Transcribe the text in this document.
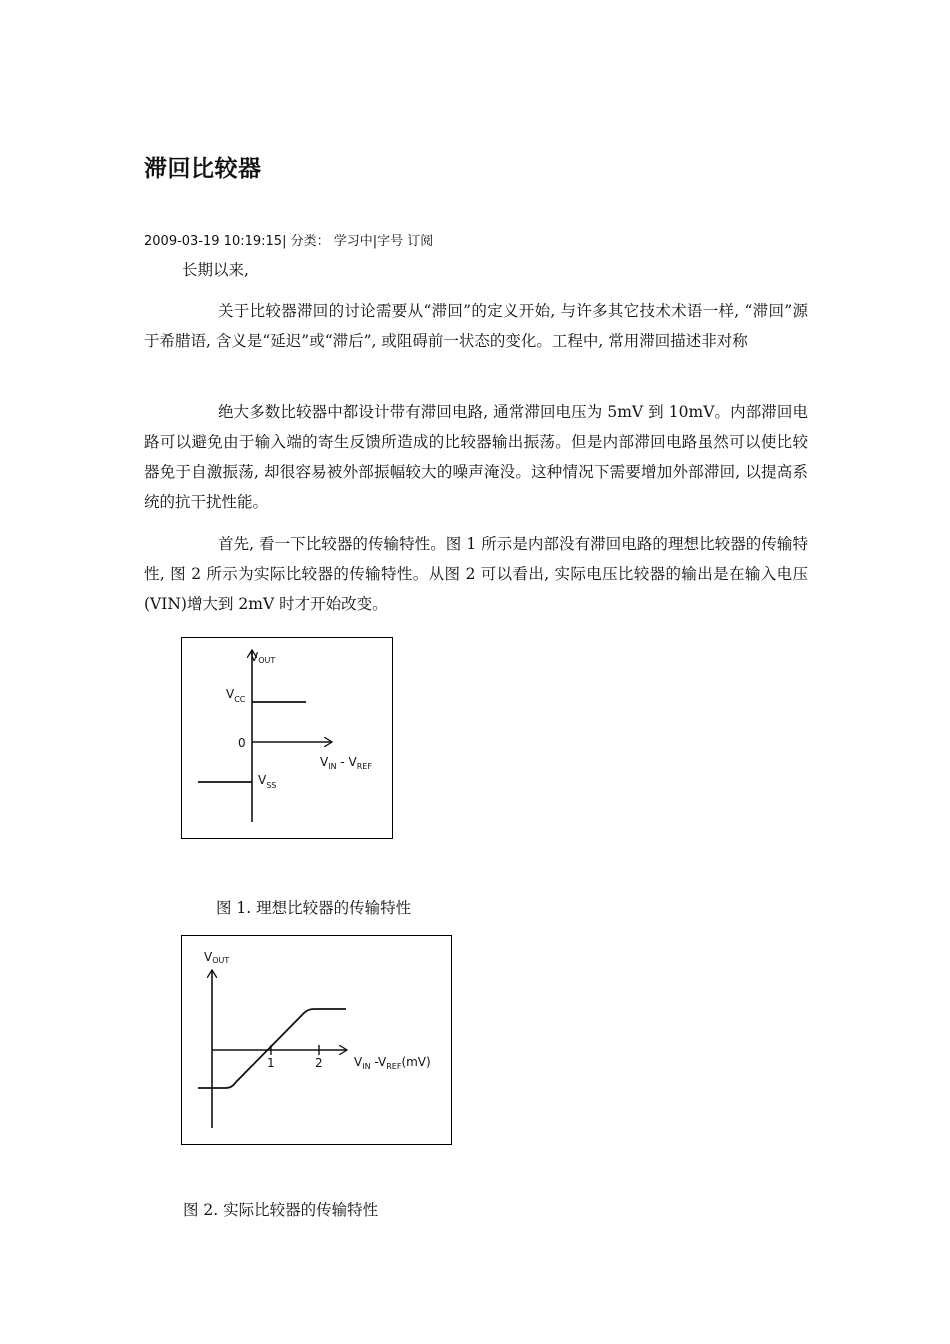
滞回比较器
2009-03-19 10:19:15| 分类： 学习中|字号 订阅
长期以来,
关于比较器滞回的讨论需要从“滞回”的定义开始, 与许多其它技术术语一样, “滞回”源于希腊语, 含义是“延迟”或“滞后”, 或阻碍前一状态的变化。工程中, 常用滞回描述非对称
绝大多数比较器中都设计带有滞回电路, 通常滞回电压为 5mV 到 10mV。内部滞回电路可以避免由于输入端的寄生反馈所造成的比较器输出振荡。但是内部滞回电路虽然可以使比较器免于自激振荡, 却很容易被外部振幅较大的噪声淹没。这种情况下需要增加外部滞回, 以提高系统的抗干扰性能。
首先, 看一下比较器的传输特性。图 1 所示是内部没有滞回电路的理想比较器的传输特性, 图 2 所示为实际比较器的传输特性。从图 2 可以看出, 实际电压比较器的输出是在输入电压(VIN)增大到 2mV 时才开始改变。
VOUT
$V_{CC}$
0
$V_{SS}$
$V_{IN} - V_{REF}$
图 1. 理想比较器的传输特性
VOUT
1	2	$V_{IN}$ $-V_{REF}(mV)$
图 2. 实际比较器的传输特性
